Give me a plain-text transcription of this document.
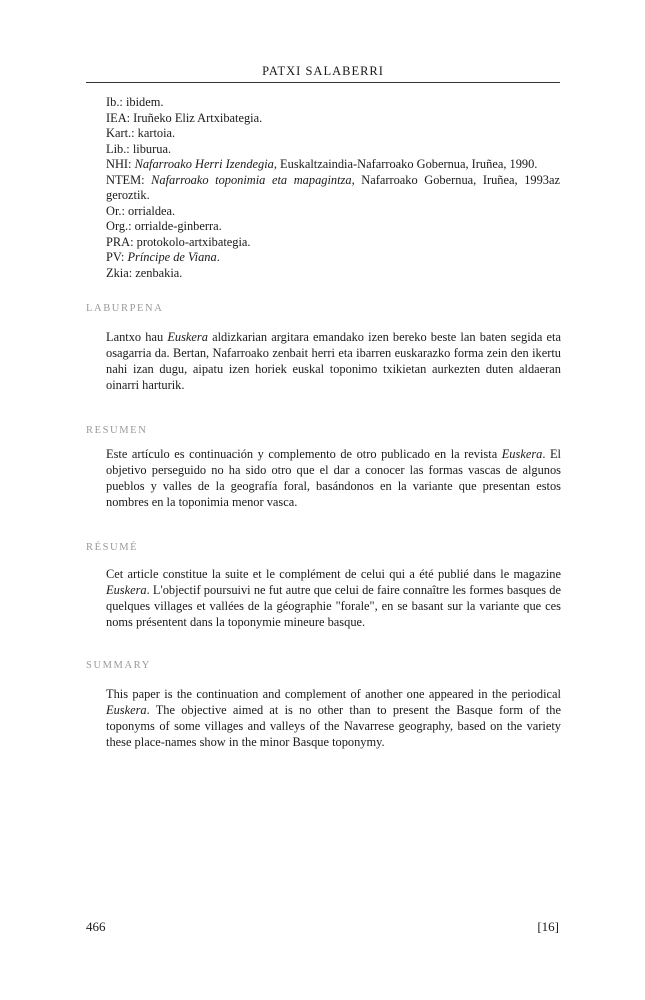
PATXI SALABERRI
Ib.: ibidem.
IEA: Iruñeko Eliz Artxibategia.
Kart.: kartoia.
Lib.: liburua.
NHI: Nafarroako Herri Izendegia, Euskaltzaindia-Nafarroako Gobernua, Iruñea, 1990.
NTEM: Nafarroako toponimia eta mapagintza, Nafarroako Gobernua, Iruñea, 1993az geroztik.
Or.: orrialdea.
Org.: orrialde-ginberra.
PRA: protokolo-artxibategia.
PV: Príncipe de Viana.
Zkia: zenbakia.
LABURPENA

Lantxo hau Euskera aldizkarian argitara emandako izen bereko beste lan baten segida eta osagarria da. Bertan, Nafarroako zenbait herri eta ibarren euskarazko forma zein den ikertu nahi izan dugu, aipatu izen horiek euskal toponimo txikietan aurkezten duten aldaeran oinarri harturik.

RESUMEN

Este artículo es continuación y complemento de otro publicado en la revista Euskera. El objetivo perseguido no ha sido otro que el dar a conocer las formas vascas de algunos pueblos y valles de la geografía foral, basándonos en la variante que presentan estos nombres en la toponimia menor vasca.

RÉSUMÉ

Cet article constitue la suite et le complément de celui qui a été publié dans le magazine Euskera. L'objectif poursuivi ne fut autre que celui de faire connaître les formes basques de quelques villages et vallées de la géographie "forale", en se basant sur la variante que ces noms présentent dans la toponymie mineure basque.

SUMMARY

This paper is the continuation and complement of another one appeared in the periodical Euskera. The objective aimed at is no other than to present the Basque form of the toponyms of some villages and valleys of the Navarrese geography, based on the variety these place-names show in the minor Basque toponymy.

466	[16]
